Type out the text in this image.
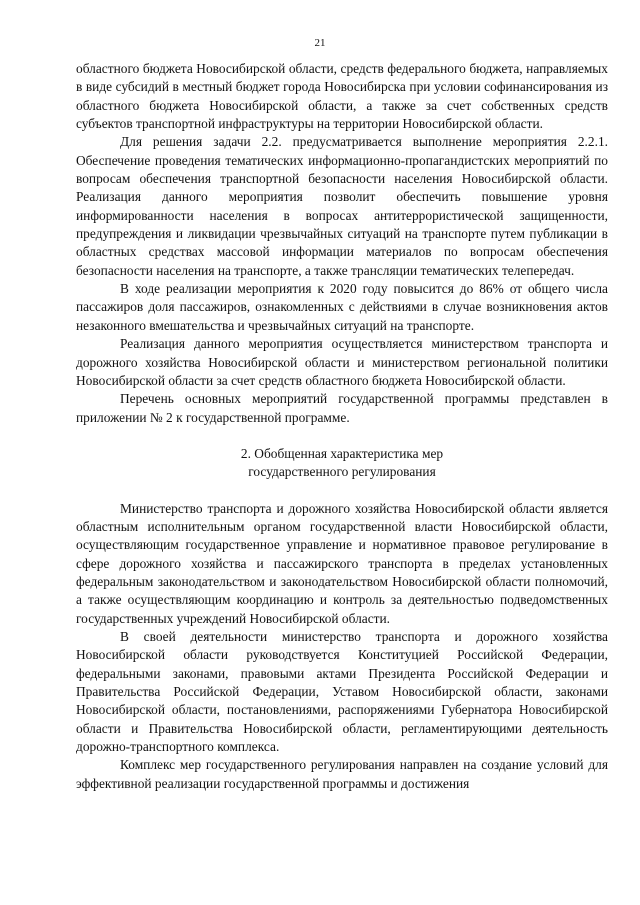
21

областного бюджета Новосибирской области, средств федерального бюджета, направляемых в виде субсидий в местный бюджет города Новосибирска при условии софинансирования из областного бюджета Новосибирской области, а также за счет собственных средств субъектов транспортной инфраструктуры на территории Новосибирской области.

Для решения задачи 2.2. предусматривается выполнение мероприятия 2.2.1. Обеспечение проведения тематических информационно-пропагандистских мероприятий по вопросам обеспечения транспортной безопасности населения Новосибирской области. Реализация данного мероприятия позволит обеспечить повышение уровня информированности населения в вопросах антитеррористической защищенности, предупреждения и ликвидации чрезвычайных ситуаций на транспорте путем публикации в областных средствах массовой информации материалов по вопросам обеспечения безопасности населения на транспорте, а также трансляции тематических телепередач.

В ходе реализации мероприятия к 2020 году повысится до 86% от общего числа пассажиров доля пассажиров, ознакомленных с действиями в случае возникновения актов незаконного вмешательства и чрезвычайных ситуаций на транспорте.

Реализация данного мероприятия осуществляется министерством транспорта и дорожного хозяйства Новосибирской области и министерством региональной политики Новосибирской области за счет средств областного бюджета Новосибирской области.

Перечень основных мероприятий государственной программы представлен в приложении № 2 к государственной программе.

2. Обобщенная характеристика мер

государственного регулирования

Министерство транспорта и дорожного хозяйства Новосибирской области является областным исполнительным органом государственной власти Новосибирской области, осуществляющим государственное управление и нормативное правовое регулирование в сфере дорожного хозяйства и пассажирского транспорта в пределах установленных федеральным законодательством и законодательством Новосибирской области полномочий, а также осуществляющим координацию и контроль за деятельностью подведомственных государственных учреждений Новосибирской области.

В своей деятельности министерство транспорта и дорожного хозяйства Новосибирской области руководствуется Конституцией Российской Федерации, федеральными законами, правовыми актами Президента Российской Федерации и Правительства Российской Федерации, Уставом Новосибирской области, законами Новосибирской области, постановлениями, распоряжениями Губернатора Новосибирской области и Правительства Новосибирской области, регламентирующими деятельность дорожно-транспортного комплекса.

Комплекс мер государственного регулирования направлен на создание условий для эффективной реализации государственной программы и достижения
